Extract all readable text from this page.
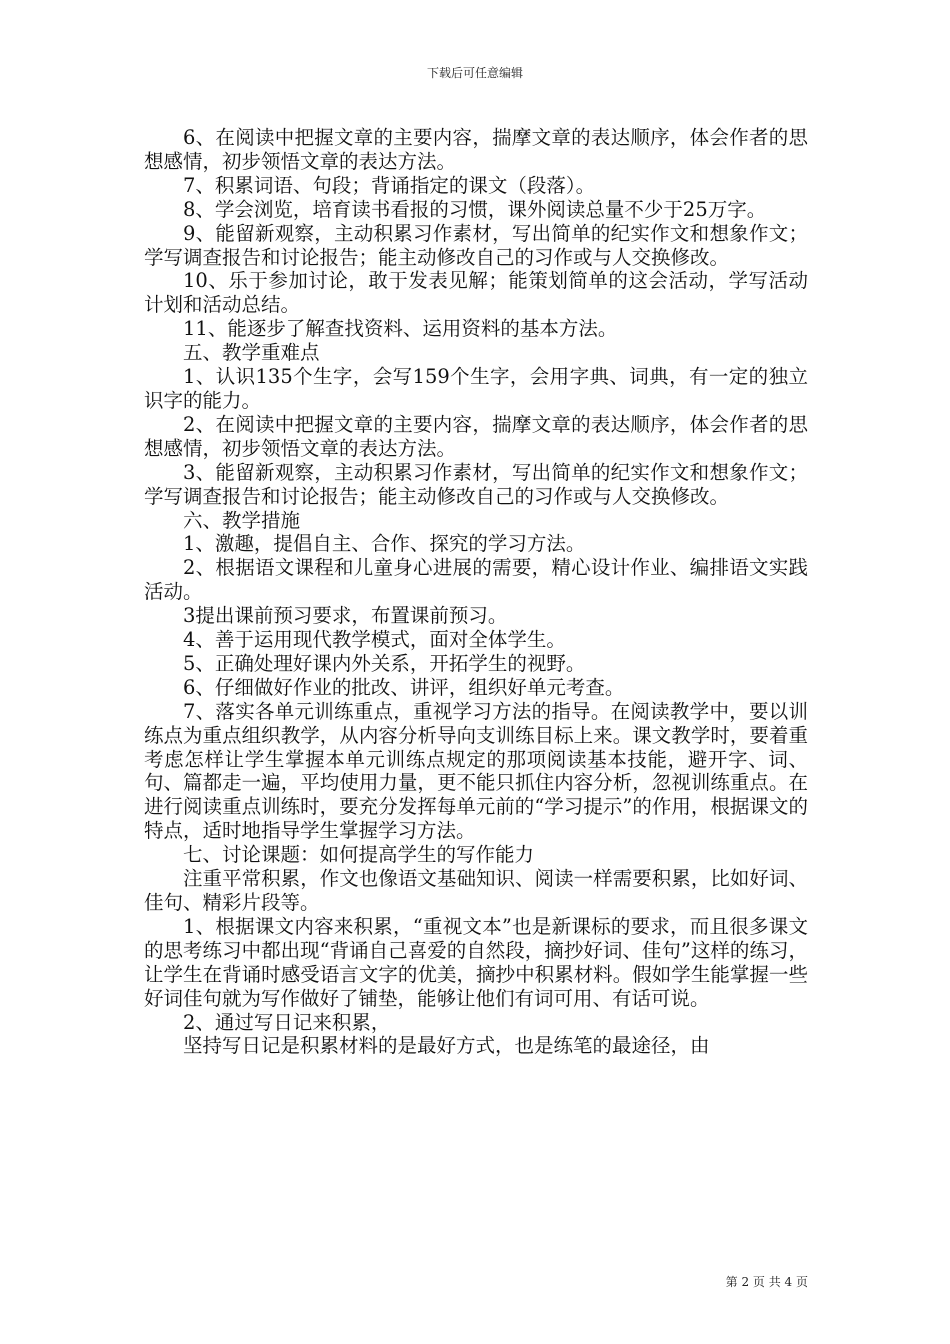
下载后可任意编辑

6、在阅读中把握文章的主要内容，揣摩文章的表达顺序，体会作者的思想感情，初步领悟文章的表达方法。

7、积累词语、句段；背诵指定的课文（段落）。

8、学会浏览，培育读书看报的习惯，课外阅读总量不少于25万字。

9、能留新观察，主动积累习作素材，写出简单的纪实作文和想象作文；学写调查报告和讨论报告；能主动修改自己的习作或与人交换修改。

10、乐于参加讨论，敢于发表见解；能策划简单的这会活动，学写活动计划和活动总结。

11、能逐步了解查找资料、运用资料的基本方法。

五、教学重难点

1、认识135个生字，会写159个生字，会用字典、词典，有一定的独立识字的能力。

2、在阅读中把握文章的主要内容，揣摩文章的表达顺序，体会作者的思想感情，初步领悟文章的表达方法。

3、能留新观察，主动积累习作素材，写出简单的纪实作文和想象作文；学写调查报告和讨论报告；能主动修改自己的习作或与人交换修改。

六、教学措施

1、激趣，提倡自主、合作、探究的学习方法。

2、根据语文课程和儿童身心进展的需要，精心设计作业、编排语文实践活动。

3提出课前预习要求，布置课前预习。

4、善于运用现代教学模式，面对全体学生。

5、正确处理好课内外关系，开拓学生的视野。

6、仔细做好作业的批改、讲评，组织好单元考查。

7、落实各单元训练重点，重视学习方法的指导。在阅读教学中，要以训练点为重点组织教学，从内容分析导向支训练目标上来。课文教学时，要着重考虑怎样让学生掌握本单元训练点规定的那项阅读基本技能，避开字、词、句、篇都走一遍，平均使用力量，更不能只抓住内容分析，忽视训练重点。在进行阅读重点训练时，要充分发挥每单元前的“学习提示”的作用，根据课文的特点，适时地指导学生掌握学习方法。

七、讨论课题：如何提高学生的写作能力

注重平常积累，作文也像语文基础知识、阅读一样需要积累，比如好词、佳句、精彩片段等。

1、根据课文内容来积累，“重视文本”也是新课标的要求，而且很多课文的思考练习中都出现“背诵自己喜爱的自然段，摘抄好词、佳句”这样的练习，让学生在背诵时感受语言文字的优美，摘抄中积累材料。假如学生能掌握一些好词佳句就为写作做好了铺垫，能够让他们有词可用、有话可说。

2、通过写日记来积累，

坚持写日记是积累材料的是最好方式，也是练笔的最途径，由

第 2 页 共 4 页
